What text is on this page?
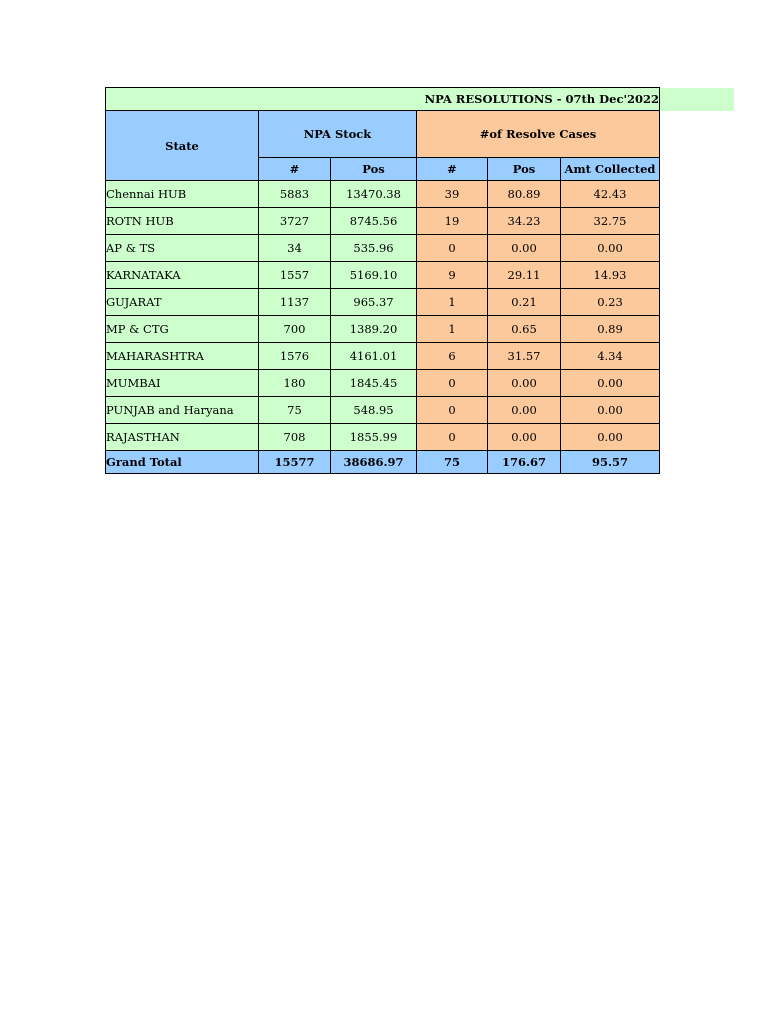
NPA RESOLUTIONS - 07th Dec'2022					
State	NPA Stock		#of Resolve Cases		
	#	Pos	#	Pos	Amt Collected
Chennai HUB	5883	13470.38	39	80.89	42.43
ROTN HUB	3727	8745.56	19	34.23	32.75
AP & TS	34	535.96	0	0.00	0.00
KARNATAKA	1557	5169.10	9	29.11	14.93
GUJARAT	1137	965.37	1	0.21	0.23
MP & CTG	700	1389.20	1	0.65	0.89
MAHARASHTRA	1576	4161.01	6	31.57	4.34
MUMBAI	180	1845.45	0	0.00	0.00
PUNJAB and Haryana	75	548.95	0	0.00	0.00
RAJASTHAN	708	1855.99	0	0.00	0.00
Grand Total	15577	38686.97	75	176.67	95.57
